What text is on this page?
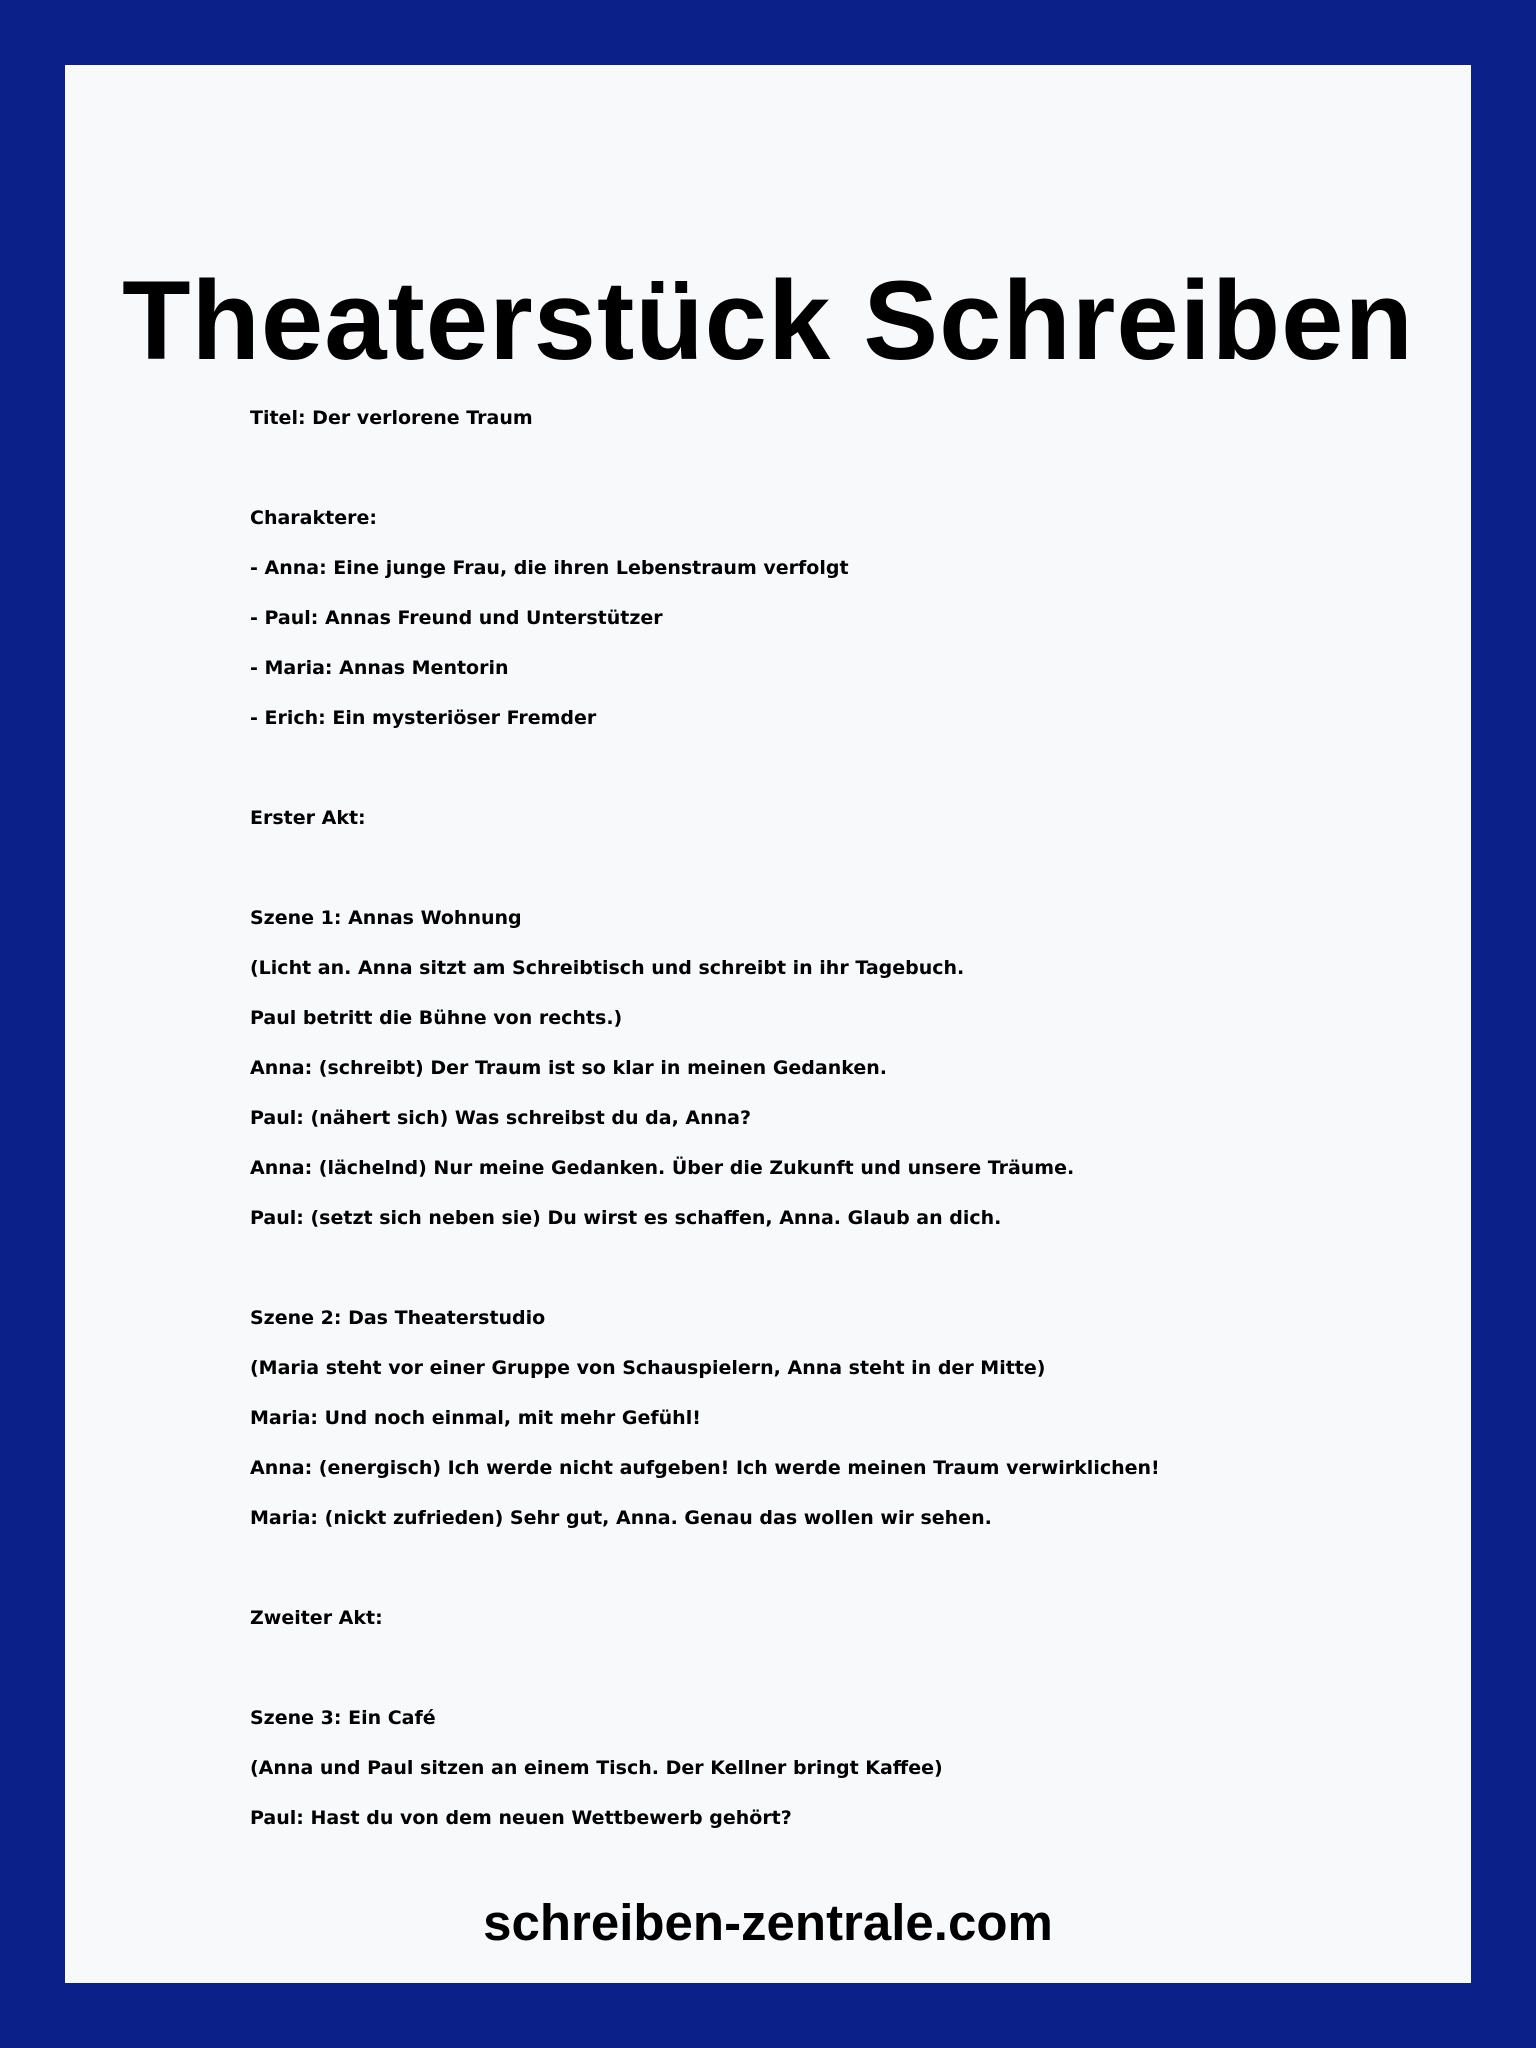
Theaterstück Schreiben
Titel: Der verlorene Traum
Charaktere:
- Anna: Eine junge Frau, die ihren Lebenstraum verfolgt
- Paul: Annas Freund und Unterstützer
- Maria: Annas Mentorin
- Erich: Ein mysteriöser Fremder
Erster Akt:
Szene 1: Annas Wohnung
(Licht an. Anna sitzt am Schreibtisch und schreibt in ihr Tagebuch.
Paul betritt die Bühne von rechts.)
Anna: (schreibt) Der Traum ist so klar in meinen Gedanken.
Paul: (nähert sich) Was schreibst du da, Anna?
Anna: (lächelnd) Nur meine Gedanken. Über die Zukunft und unsere Träume.
Paul: (setzt sich neben sie) Du wirst es schaffen, Anna. Glaub an dich.
Szene 2: Das Theaterstudio
(Maria steht vor einer Gruppe von Schauspielern, Anna steht in der Mitte)
Maria: Und noch einmal, mit mehr Gefühl!
Anna: (energisch) Ich werde nicht aufgeben! Ich werde meinen Traum verwirklichen!
Maria: (nickt zufrieden) Sehr gut, Anna. Genau das wollen wir sehen.
Zweiter Akt:
Szene 3: Ein Café
(Anna und Paul sitzen an einem Tisch. Der Kellner bringt Kaffee)
Paul: Hast du von dem neuen Wettbewerb gehört?
schreiben-zentrale.com
